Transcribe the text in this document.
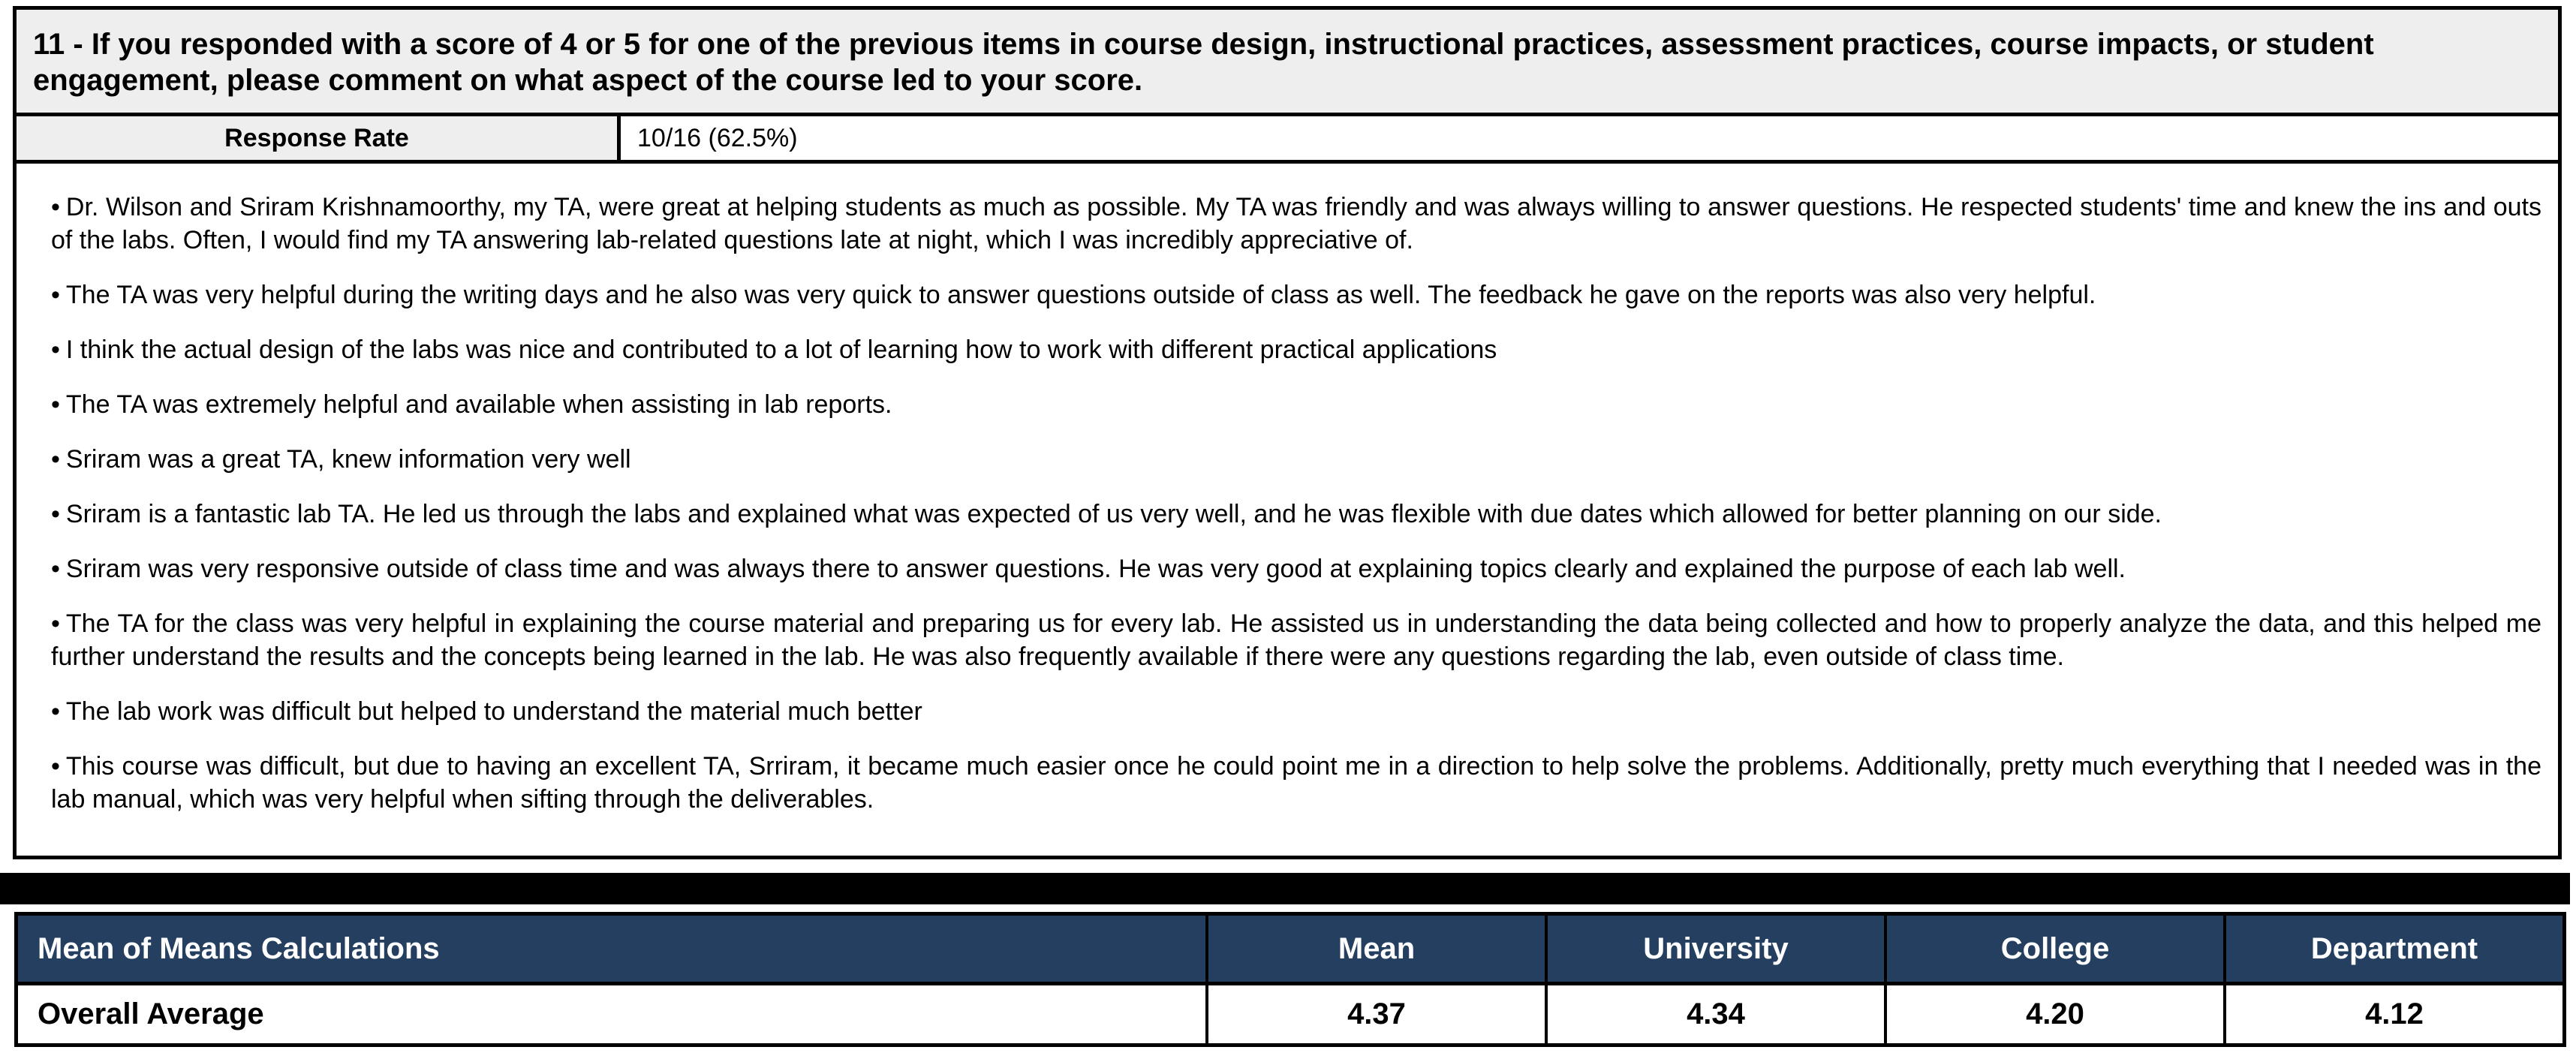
11 - If you responded with a score of 4 or 5 for one of the previous items in course design, instructional practices, assessment practices, course impacts, or student engagement, please comment on what aspect of the course led to your score.
Response Rate	10/16 (62.5%)

• Dr. Wilson and Sriram Krishnamoorthy, my TA, were great at helping students as much as possible. My TA was friendly and was always willing to answer questions. He respected students' time and knew the ins and outs of the labs. Often, I would find my TA answering lab-related questions late at night, which I was incredibly appreciative of.

• The TA was very helpful during the writing days and he also was very quick to answer questions outside of class as well. The feedback he gave on the reports was also very helpful.

• I think the actual design of the labs was nice and contributed to a lot of learning how to work with different practical applications

• The TA was extremely helpful and available when assisting in lab reports.

• Sriram was a great TA, knew information very well

• Sriram is a fantastic lab TA. He led us through the labs and explained what was expected of us very well, and he was flexible with due dates which allowed for better planning on our side.

• Sriram was very responsive outside of class time and was always there to answer questions. He was very good at explaining topics clearly and explained the purpose of each lab well.

• The TA for the class was very helpful in explaining the course material and preparing us for every lab. He assisted us in understanding the data being collected and how to properly analyze the data, and this helped me further understand the results and the concepts being learned in the lab. He was also frequently available if there were any questions regarding the lab, even outside of class time.

• The lab work was difficult but helped to understand the material much better

• This course was difficult, but due to having an excellent TA, Srriram, it became much easier once he could point me in a direction to help solve the problems. Additionally, pretty much everything that I needed was in the lab manual, which was very helpful when sifting through the deliverables.

Mean of Means Calculations	Mean	University	College	Department
Overall Average	4.37	4.34	4.20	4.12
